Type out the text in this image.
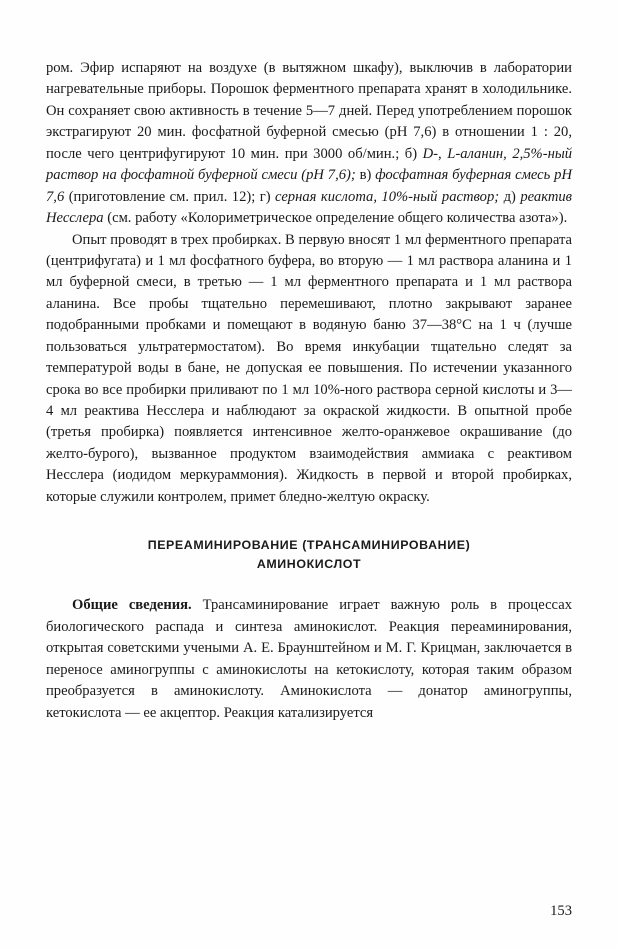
ром. Эфир испаряют на воздухе (в вытяжном шкафу), выключив в лаборатории нагревательные приборы. Порошок ферментного препарата хранят в холодильнике. Он сохраняет свою активность в течение 5—7 дней. Перед употреблением порошок экстрагируют 20 мин. фосфатной буферной смесью (рН 7,6) в отношении 1 : 20, после чего центрифугируют 10 мин. при 3000 об/мин.; б) D-, L-аланин, 2,5%-ный раствор на фосфатной буферной смеси (рН 7,6); в) фосфатная буферная смесь рН 7,6 (приготовление см. прил. 12); г) серная кислота, 10%-ный раствор; д) реактив Несслера (см. работу «Колориметрическое определение общего количества азота»).

Опыт проводят в трех пробирках. В первую вносят 1 мл ферментного препарата (центрифугата) и 1 мл фосфатного буфера, во вторую — 1 мл раствора аланина и 1 мл буферной смеси, в третью — 1 мл ферментного препарата и 1 мл раствора аланина. Все пробы тщательно перемешивают, плотно закрывают заранее подобранными пробками и помещают в водяную баню 37—38°С на 1 ч (лучше пользоваться ультратермостатом). Во время инкубации тщательно следят за температурой воды в бане, не допуская ее повышения. По истечении указанного срока во все пробирки приливают по 1 мл 10%-ного раствора серной кислоты и 3—4 мл реактива Несслера и наблюдают за окраской жидкости. В опытной пробе (третья пробирка) появляется интенсивное желто-оранжевое окрашивание (до желто-бурого), вызванное продуктом взаимодействия аммиака с реактивом Несслера (иодидом меркураммония). Жидкость в первой и второй пробирках, которые служили контролем, примет бледно-желтую окраску.

ПЕРЕАМИНИРОВАНИЕ (ТРАНСАМИНИРОВАНИЕ)
АМИНОКИСЛОТ

Общие сведения. Трансаминирование играет важную роль в процессах биологического распада и синтеза аминокислот. Реакция переаминирования, открытая советскими учеными А. Е. Браунштейном и М. Г. Крицман, заключается в переносе аминогруппы с аминокислоты на кетокислоту, которая таким образом преобразуется в аминокислоту. Аминокислота — донатор аминогруппы, кетокислота — ее акцептор. Реакция катализируется

153
